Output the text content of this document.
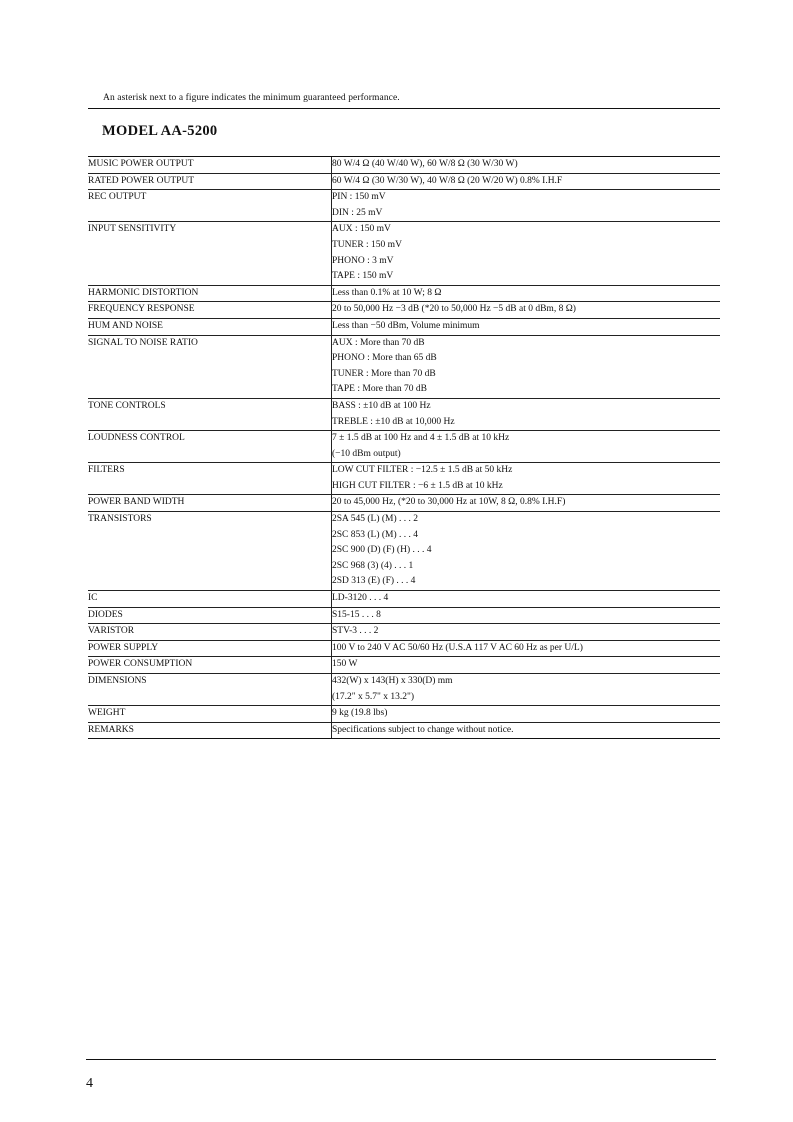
An asterisk next to a figure indicates the minimum guaranteed performance.
MODEL AA-5200
MUSIC POWER OUTPUT	80 W/4 Ω (40 W/40 W), 60 W/8 Ω (30 W/30 W)

RATED POWER OUTPUT	60 W/4 Ω (30 W/30 W), 40 W/8 Ω (20 W/20 W) 0.8% I.H.F

REC OUTPUT	PIN : 150 mV
DIN : 25 mV

INPUT SENSITIVITY	AUX : 150 mV
TUNER : 150 mV
PHONO : 3 mV
TAPE : 150 mV

HARMONIC DISTORTION	Less than 0.1% at 10 W; 8 Ω

FREQUENCY RESPONSE	20 to 50,000 Hz −3 dB (*20 to 50,000 Hz −5 dB at 0 dBm, 8 Ω)

HUM AND NOISE	Less than −50 dBm, Volume minimum

SIGNAL TO NOISE RATIO	AUX : More than 70 dB
PHONO : More than 65 dB
TUNER : More than 70 dB
TAPE : More than 70 dB

TONE CONTROLS	BASS : ±10 dB at 100 Hz
TREBLE : ±10 dB at 10,000 Hz

LOUDNESS CONTROL	7 ± 1.5 dB at 100 Hz and 4 ± 1.5 dB at 10 kHz
(−10 dBm output)

FILTERS	LOW CUT FILTER : −12.5 ± 1.5 dB at 50 kHz
HIGH CUT FILTER : −6 ± 1.5 dB at 10 kHz

POWER BAND WIDTH	20 to 45,000 Hz, (*20 to 30,000 Hz at 10W, 8 Ω, 0.8% I.H.F)

TRANSISTORS	2SA 545 (L) (M) . . . 2
2SC 853 (L) (M) . . . 4
2SC 900 (D) (F) (H) . . . 4
2SC 968 (3) (4) . . . 1
2SD 313 (E) (F) . . . 4

IC	LD-3120 . . . 4

DIODES	S15-15 . . . 8

VARISTOR	STV-3 . . . 2

POWER SUPPLY	100 V to 240 V AC 50/60 Hz (U.S.A 117 V AC 60 Hz as per U/L)

POWER CONSUMPTION	150 W

DIMENSIONS	432(W) x 143(H) x 330(D) mm
(17.2" x 5.7" x 13.2")

WEIGHT	9 kg (19.8 lbs)

REMARKS	Specifications subject to change without notice.
4
